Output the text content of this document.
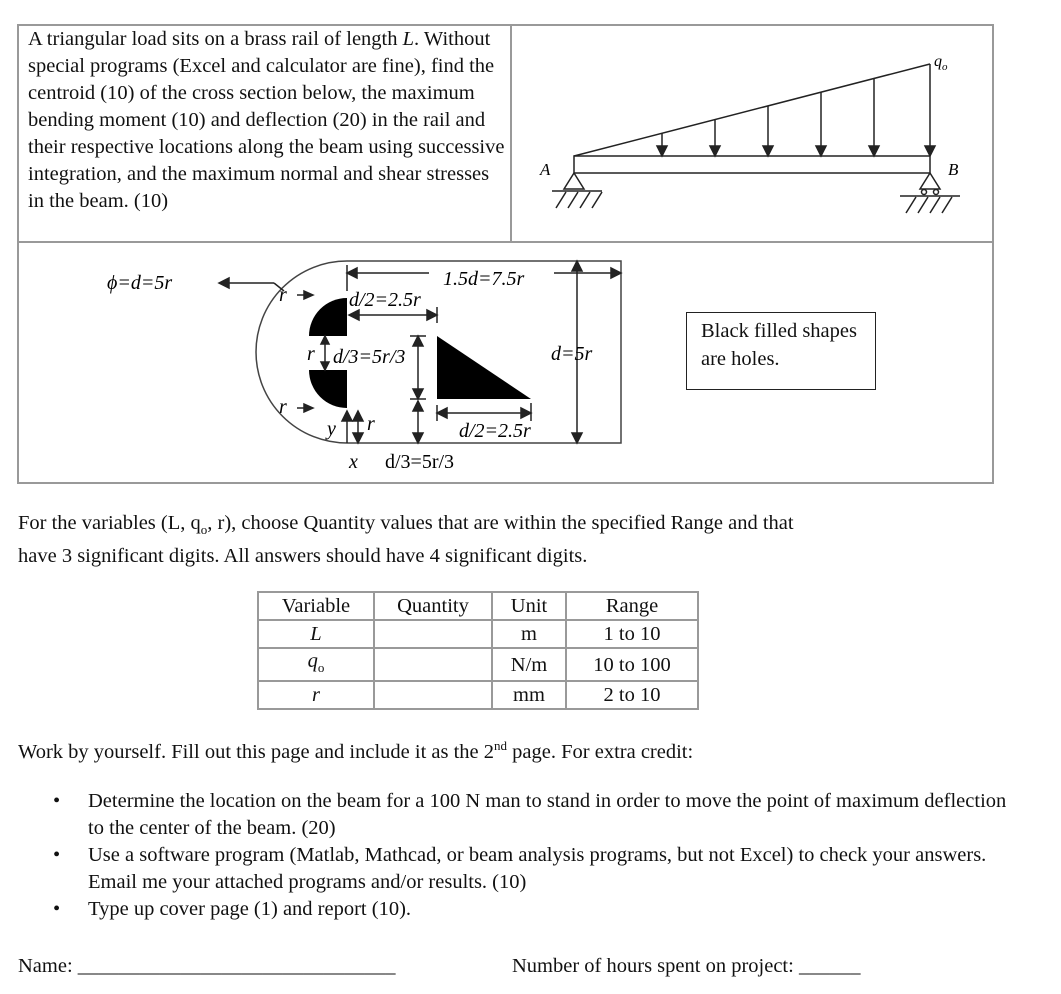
A triangular load sits on a brass rail of length L. Without special programs (Excel and calculator are fine), find the centroid (10) of the cross section below, the maximum bending moment (10) and deflection (20) in the rail and their respective locations along the beam using successive integration, and the maximum normal and shear stresses in the beam. (10)
A	B
$q_o$
ϕ=d=5r	1.5d=7.5r
d/2=2.5r
r
r d/3=5r/3	d=5r
r
y r	d/2=2.5r
x d/3=5r/3
Black filled shapes are holes.
For the variables (L, $q_o$, r), choose Quantity values that are within the specified Range and that
have 3 significant digits. All answers should have 4 significant digits.
Variable	Quantity	Unit	Range
L		m	1 to 10
$q_o$		N/m	10 to 100
r		mm	2 to 10
Work by yourself. Fill out this page and include it as the 2nd page. For extra credit:
• Determine the location on the beam for a 100 N man to stand in order to move the point of maximum deflection to the center of the beam. (20)
• Use a software program (Matlab, Mathcad, or beam analysis programs, but not Excel) to check your answers. Email me your attached programs and/or results. (10)
• Type up cover page (1) and report (10).
Name: _______________________________	Number of hours spent on project: ______
